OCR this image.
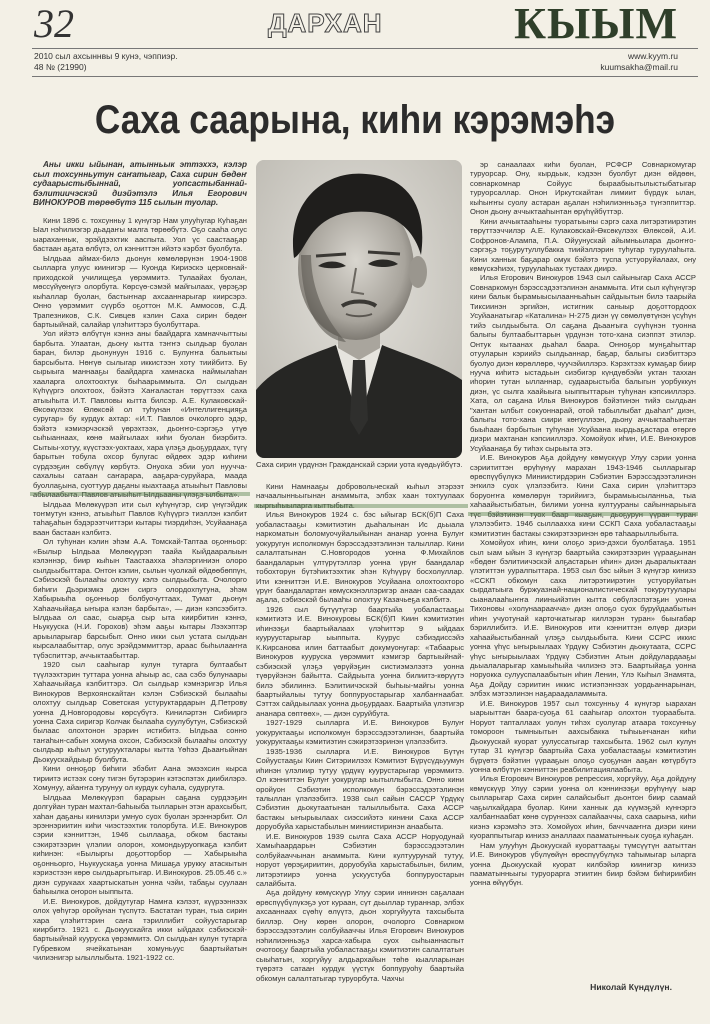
32	ДАРХАН	КЫЫМ
2010 сыл ахсыннвы 9 кунэ, чэппиэр.
48 № (21990)
www.kyym.ru
kuumsakha@mail.ru
Саха саарына, киhи кэрэмэhэ

Аны икки ыйынан, атынньык эттэххэ, кэлэр сыл тохсунньутун саҥатыгар, Саха сирин бөдөҥ судаарыстыбыннай, уопсастыбаннай-бэлитиичэскэй диэйэтэлэ Илья Егорович ВИНОКУРОВ төрөөбүтэ 115 сылын туолар.

Кини 1896 с. тохсунньу 1 күнүгэр Нам улууһугар Куһаҕан Ыал нэһилиэгэр дьадаҥы малга төрөөбүтэ. Оҕо сааһа олус ыараханнык, эрэйдээхтик ааспыта. Уол үс саастааҕар бастаан аҕата өлбүтэ, ол кэнниттэн ийэтэ кэрбэт буолбута.

Ылдьаа аймах-билэ дьонун көмөлөрүнэн 1904-1908 сылларга улуус киинигэр — Куонда Кириэскэ церковнай-приходской училищеҕа үөрэммитэ. Тулаайах буолан, мөссүйүөнүгэ олорбута. Көрсүө-сэмэй майгылаах, үөрэҕэр кыһаллар буолан, бастыҥнар ахсааннарыгар киирсэрэ. Онно үөрэммит сүүрбэ оҕоттон М.К. Аммосов, С.Д. Трапезников, С.К. Сивцев кэлин Саха сирин бөдөҥ бартыыйнай, салайар үлэһиттэрэ буолбуттара.

Уол ийэтэ өлбүтүн кэннэ аны баайдарга хамначчыттыы барбыта. Улаатан, дьону кытта тэҥҥэ сылдьар буолан баран, билэр дьонунуун 1916 с. Булуҥҥа балыктыы барсыбыта. Нөҥүө сылыгар иккистээн хоту тиийбитэ. Бу сырыыга маннааҕы баайдарга хамнаска наймылаһан хааларга олохтоохтук быһаарыммыта. Ол сылдьан Күһүүргэ олохтоох, бэйэтэ Хаҥаластан төрүттээх саха атыыһыта И.Т. Павловы кытта билсэр. А.Е. Кулаковскай-Өксөкүлээх Өлөксөй ол туһунан «Интеллигенцияҕа суругар» бу курдук ахтар: «И.Т. Павлов очколорго эдэр, бэйэтэ кэмиэрчэскэй үөрэхтээх, дьоҥҥо-сэргэҕэ үтүө сыһыаннаах, көнө майгылаах киһи буолан биэрбитэ. Сытыы-хотуу, күүстээх-уохтаах, хара үлэҕэ дьоҕурдаах, түгү барытын тобула охсор булугас өйдөөх эдэр киһини сүрдээҕин сөбүлүү көрбүтэ. Онуоха эбии уол нуучча-сахалыы сатаан саҥарара, ааҕара-суруйара, маада буоллаҕына, суоттуур даҕаны кыахтааҕа атыыһыт Павловы абылаабыта. Павлов атыыһыт Ылдьааны үлэҕэ ылбыта».

Ылдьаа Мөлөкүүрэп ити сыл күһүнүгэр, сир үнүгэйдик тоҥмутун кэннэ, атыыһыт Павлов Күһүүргэ тиэллэн кэлбит таһаҕаһын бэдэрээтчиттэри кытары тиэрдиһэн, Усуйаанаҕа ваан бастаан кэлбитэ.

Ол туһунан кэлин эһэм А.А. Томскай-Таптаа оҕонньор: «Былыр Ылдьаа Мөлөкүүрэп таайа Кыйдааралыын кэлэннэр, биир кыһын Таастаахха эһэлэргиниэн олоро сылдьыбыттара. Онтон кэлин, сылын чуолкай өйдөөбөппүн, Сэбиэскэй былааһы олохтуу кэлэ сылдьыбыта. Очолорго биһиги Дьэризмкэ диэн сиргэ олордохпутуна, эһэм Хабырыыһа оҕонньор болбуочуттаах, Тумат дьонун Хаһаачыйаҕа ыҥыра кэлэн барбыта», — диэн кэпсээбитэ. Ылдьаа ол саас, сыарҕа сыр ыта киирбитин кэннэ, Ньукууска (Н.И. Горохов) эһэм ааҕы кытары Лээхэптэр арыыларыгар барсыбыт. Онно икки сыл устата сылдьан кырсалаабыттар, олус эрэйдэммиттэр, араас быһылааҥҥа түбэспиттэр, аччыктаабыттар.

1920 сыл сааһыгар кулун тутарга бултаабыт түүлээхтэрин туттара уонна аһыыр ас, саа сэбэ булунаары Хаһаачыйаҕа кэлбиттэрэ. Ол сылдьар кэмнэригэр Илья Винокуров Верхоянскайтан кэлэн Сэбиэскэй былааһы олохтуу сылдьар Советская устуруктардарын Д.Петрову уонна Д.Новгородовы көрсүбүтэ. Киниләртэн Сибииргэ уонна Саха сиригэр Колчак былааһа суулубутун, Сэбиэскэй былаас олохтонон эрэрин истибитэ. Ылдьаа сонно таҥаһын-сабын хомуна охсон, Сэбиэскэй былааһы олохтуу сылдьар кыһыл устуруукталары кытта Үөһээ Дьааҥыйнан Дьокуускайдыыр буолбута.

Кини онноҕор биһиги эбэбит Аана эмээхсин кырса тириитэ истээх сону тигэн бүтэрэрин кэтэспэтэх диибилэрэ. Хомунуу, айаҥҥа турунуу ол курдук суһала, судургута.

Ылдьаа Мөлөкүүрэп барарын саҕана сурдээҕин долгуйан туран махтал-баһыыба тылларын этэн арахсыбыт, хаһан даҕаны кинилэри умнуо суох буолан эрэннэрбит. Ол эрэннэриитин киһи чиэстээхтик толорбута. И.Е. Винокуров сэрии кэнниттэн, 1946 сыллааҕа, обком бастакы сэкирэтээрин үлэлии олорон, хомондьуруопкаҕа кэлбит киһинэн: «Былыргы доҕотторбор — Хабырыыһа оҕонньорго, Ньукуускаҕа уонна Мишаҕа урукку атаскытын кэриэстээн көрө сылдьаргытыгар. И.Винокуров. 25.05.46 с.» диэн сурукаах хаартыскатын уонна чэйи, табаҕы суулаан баһыылка оҥорон ыыппыта.

И.Е. Винокуров, дойдутугар Намҥа кэлээт, күүрээннээх олох үөһүгэр оройунан түспүтэ. Бастатан туран, тыа сирин хара үлэһиттэрин саҥа тэриллибит сойуустарыгар киирбитэ. 1921 с. Дьокуускайга икки ыйдаах сэбиэскэй-бартыыйнай кууруска үөрэммитэ. Ол сылдьан кулун тутарга Губревком ячейкатынан хомуньуус баартыйатын чилиэнигэр ылыллыбыта. 1921-1922 сс.

Саха сирин үрдүнэн Гражданскай сэрии уота күөдьүйбүтэ.

Кини Намнааҕы добровольческай кыһыл этэрээт начаалынньыгынан анаммыта, элбэх хаан тохтуулаах кыргыһыыларга кыттыбыта.

Илья Винокуров 1924 с. бэс ыйыгар БСК(б)П Саха уобаластааҕы кэмитиэтин дьаһалынан Ис дьыала наркоматын боломуочуйалыйынан ананар уонна Булуҥ уокуругун исполкомун бэрэссэдээтэлинэн талыллар. Кини салалтатынан С.Новгородов уонна Ф.Михайлов баандаларын үлтүрүтэллэр уонна үрүҥ баандалар тобохторун бүтэһиктээхтик эһэн Күһүүрү босхолуллар. Ити кэнниттэн И.Е. Винокуров Усуйаана олохтоохторо үрүҥ баандалартан көмүскэнэллэригэр анаан саа-саадах аҕала, сэбиэскэй былааһы олохтуу Казачьеҕа кэлбитэ.

1926 сыл бүтүүтүгэр баартыйа уобаластааҕы кэмитиэтэ И.Е. Винокуровы БСК(б)П Киин кэмитиэтин иһинээҕи баартыйалаах үлэһиттэр 9 ыйдаах кууруустарыгар ыыппыта. Куурус сэбиэдиссэйэ К.Кирсанова илин баттаабыт докумуонугар: «Табаарыс Винокуров кууруска үөрэммит кэмигэр бартыыйнай-сэбиэскэй үлэҕэ үөрүйэҕин систиэмэлээтэ уонна түөрүйэнэн байытта. Сайдыыта уонна билиитэ-көрүүтэ билэ эбилиннэ. Бэлитиичэскэй быһыы-майгы уонна баартыйалыы тутуу боппуруостарыгар халбаҥнаабат. Сэттэх сайдыылаах уонна дьоҕурдаах. Баартыйа үлэтигэр ананара сөптөөх», — диэн суруйбута.

1927-1929 сылларга И.Е. Винокуров Булуҥ уокуруктааҕы исполкомун бэрэссэдээтэлинэн, баартыйа уокуруктааҕы кэмитиэтин сэкирэтээринэн үлэлээбитэ.

1935-1936 сылларга И.Е. Винокуров Бүтүн Сойуустааҕы Киин Ситэриилээх Кэмитиэт Бүрүсүдьуумун иһинэн үлэлиир тутуу үрдүкү куурустарыгар үөрэммитэ. Ол кэнниттэн Булуҥ уокуругар ыытыллыбыта. Онно кини оройуон Сэбиэтин исполкомун бэрэссэдээтэлинэн талыллан үлэлээбитэ. 1938 сыл сайын САССР Үрдүкү Сэбиэтин дьокутаатынан талыллыбыта. Саха АССР бастакы ыҥырыылаах сиэссийэтэ кинини Саха АССР доруобуйа харыстабылын миниистиринэн анаабыта.

И.Е. Винокуров 1939 сылга Саха АССР Норуодунай Хамыһаардарын Сэбиэтин бэрэссэдээтэлин солбуйааччынан анаммыта. Кини култуурунай тутуу, норуот үөрэҕириитин, доруобуйа харыстабылын, билим, литэрэтиирэ уонна ускуустуба боппуруостарын салайбыта.

Аҕа дойдуну көмүскүүр Улуу сэрии иннинэн саҕалаан өрөспүүбүлүкэҕэ уот кураан, сүт дьыллар тураннар, элбэх ахсааннаах сүөһү өлүүтэ, дьон хоргуйуута тахсыбыта биллэр. Ону көрөн олорон, очолорго Совнарком бэрэссэдээтэлин солбуйааччы Илья Егорович Винокуров нэһилиэнньэҕэ харса-хабыра суох сыһыаннаспыт очотооҕу баартыйа уобаластааҕы кэмитиэтин салалтатын сыыһатын, хоргуйуу алдьархайын төһө кыалларынан түөрэтэ сатаан курдук үүстүк боппуруоһу баартыйа обкомун салалтатыгар туруорбута. Чахчы

эр санаалаах киһи буолан, РСФСР Совнаркомугар туруорсар. Ону, кырдьык, кэдээн буолбут диэн өйдөөн, совнаркомнар Сойуус быраабыытылыстыбатыгар туруорсаллар. Онон Иркутскайтан лимиит бүрдүк ылан, кыһыҥҥы суолу астаран аҕалан нэһилиэнньэҕэ түҥэппиттэр. Онон дьону аччыктааһынтан өрүһүйбүттэр.

Кини аччыктааһыны туоратыыны сэргэ саха литэрэтиирэтин төрүттээччилэр А.Е. Кулаковскай-Өксөкүлээх Өлөксөй, А.И. Софронов-Алампа, П.А. Ойуунускай айымньыларa дьоҥҥо-сэргэҕэ тоҕурутуллубакка тиийэллэрин туһугар туруулаһыта. Кини ханнык баҕарар омук бэйэтэ туспа устуоруйалаах, ону көмүскэһиэх, туруулаһыах тустаах диирэ.

Илья Егорович Винокуров 1943 сыл сайыныгар Саха АССР Совнаркомун бэрэссэдээтэлинэн анаммыта. Ити сыл күһүнүгэр кини балык бырамыысылаанньаһын сайдыытын билэ таарыйа Тиксиинэн эргийэн, истигник саныыр доҕоттордоох Усуйаанатыгар «Каталина» Н-275 диэн үү сөмөлүөтүнэн үсүһүн тийэ сылдьыбыта. Ол саҕана Дьааҥыга сүүһүнэн туонна балыгы бултаабыттарын үрдүнэн тото-хана сиэппэт этилэр. Онтук кытаанах дьаһал баара. Онноҕор мунҕаһыттар отууларын кэриийэ сылдьаннар, баҕар, балыгы сиэбиттэрэ буолуо диэн көрөллөрө, чуучэйиллэрэ. Кэрэхтээх кумаҕар биир нууча киһитэ ыстадьын сиэбигэр күндүөбэйи уктан таххан иһорин тутан ылланнар, судаарыстыба балыгын уорбуккун диэн, үс сылга хаайыыга ыыппыттарын туһунан кэпсииллэрэ. Хата, ол саҕана Илья Винокуров бэйэтинэн тийэ сылдьан "хантан ылбыт сокуоннарай, отой табыллыбат дьаһал" диэн, балыгы тото-хана сиири көҥүллээн, дьону аччыктааһынтан быыһаан бэрбытын туһунан Усуйаана кырдьаҕастара өтөргө диэри махтанан кэпсииллэрэ. Хомойуох иһин, И.Е. Винокуров Усуйаанаҕа бу тиһэх сырыыта этэ.

И.Е. Винокуров Аҕа дойдуну көмүскүүр Улуу сэрии уонна сэриититтэн өрүһүнүү марахан 1943-1946 сылларыгар өрөспүүбүлүкэ Миниистирдэрин Сэбиэтин Бэрэссэдээтэлинэн эҥкилэ суох үлэлээбитэ. Кини Саха сирин үлэһиттэрэ боруоҥҥа көмөлөрүн тэрийиигэ, бырамыысыланньа, тыа хаһаайыстыбатын, билими уонна култуураны сайыннарыыга түс бэйэтинэн туох баар кыаҕын, дьоҕурун үүран туран үлэлээбитэ. 1946 сыллаахха кини ССКП Саха уобаластааҕы кэмитиэтин бастакы сэкирэтээринэн өрө таһаарыллыбыта.

Хомойуох иһин, кини олоҕо эриэ-дэхси буолбатаҕа. 1951 сыл ыам ыйын 3 күнүгэр баартыйа сэкирэтээрин үүрааҕынан «бөдөҥ бэлитиичэскэй алҕастарын иһин» диэн дьаралыктаан үлэтиттэн ууралпыттара. 1953 сыл бэс ыйын 3 күнүгэр кинизэ «ССКП обкомун саха литэрэтиирэтин устуоруйатын сырдатыыга буржуазнай-националистическай токурутуулары сыаналааһыҥҥа лииньийэтин кытта сөбүлэспэтэҕин уонна Тихоновы «холунаараачча» диэн олоҕо суох буруйдаабытын иһин учуотунай карточкатыгар киллэрэн туран» быыгабар бэриллибитэ. И.Е. Винокуров ити кэнниттэн өлүөр диэри хаһаайыстыбаннай үлэҕэ сылдьыбыта. Кини ССРС иккис уонна үһүс ыҥырыылаах Үрдүкү Сэбиэтин дьокутаата, ССРС үһүс ыҥырыылаах Үрдүкү Сэбиэтин Атын дойдулардааҕы дьыалаларыгар хамыыһыйа чилиэнэ этэ. Баартыйаҕа уонна норуокка сулууспалаабытын иһин Ленин, Үлэ Кыһыл Знамята, Аҕа Дойду сэриитин иккис истиэпэннээх уордьаннарынан, элбэх мэтээлинэн наҕараадаламмыта.

И.Е. Винокуров 1957 сыл тохсунньу 4 күнүгэр ыарахан ыарыыттан баара-суоҕа 61 сааһыгар олохтон туораабыта. Норуот тапталлаах уолун тиһэх суолугар атаара тохсунньу томороон тымныытын аахсыбакка тыһыынчанан киһи Дьокуускай куорат уулуссатыгар тахсыбыта. 1962 сыл кулун тутар 31 күнүгэр баартыйа Саха уобаластааҕы кэмитиэтин бүрүөтэ бэйэтин үүрааҕын олоҕо суоҕунан ааҕан көтүрбүтэ уонна өлбүтүн кэнниттэн реабилитациялаабыта.

Илья Егорович Винокуров репрессия, хоргуйуу, Аҕа дойдуну көмүскүүр Улуу сэрии уонна ол кэннинээҕи өрүһүнүү ыар сылларыгар Саха сирин салайсыбыт дьонтон биир саамай чаҕылхайдара буолар. Кини ханнык да күүмэҕэй күннэргэ халбаҥнаабат көнө сүрүннээх салайааччы, саха саарына, киһи киэнэ кэрэмэһэ этэ. Хомойуох иһин, бачччааҥҥа диэри кини куораппытыгар кинизэ аналлаах пааматынньык суоҕа куһаҕан.

Нам улууһун Дьокуускай куораттааҕы түмсүүтүн аатыттан И.Е. Винокуров үбүлүөйүн өрөспүүбүлүкэ таһымыгар ыларга уонна Дьокуускай куорат килбэйэр киинигэр кинизэ пааматынньыгы туруорарга этиитин биир бэйэм биһириибин уонна өйүүбүн.

Николай Күндүлүн.
